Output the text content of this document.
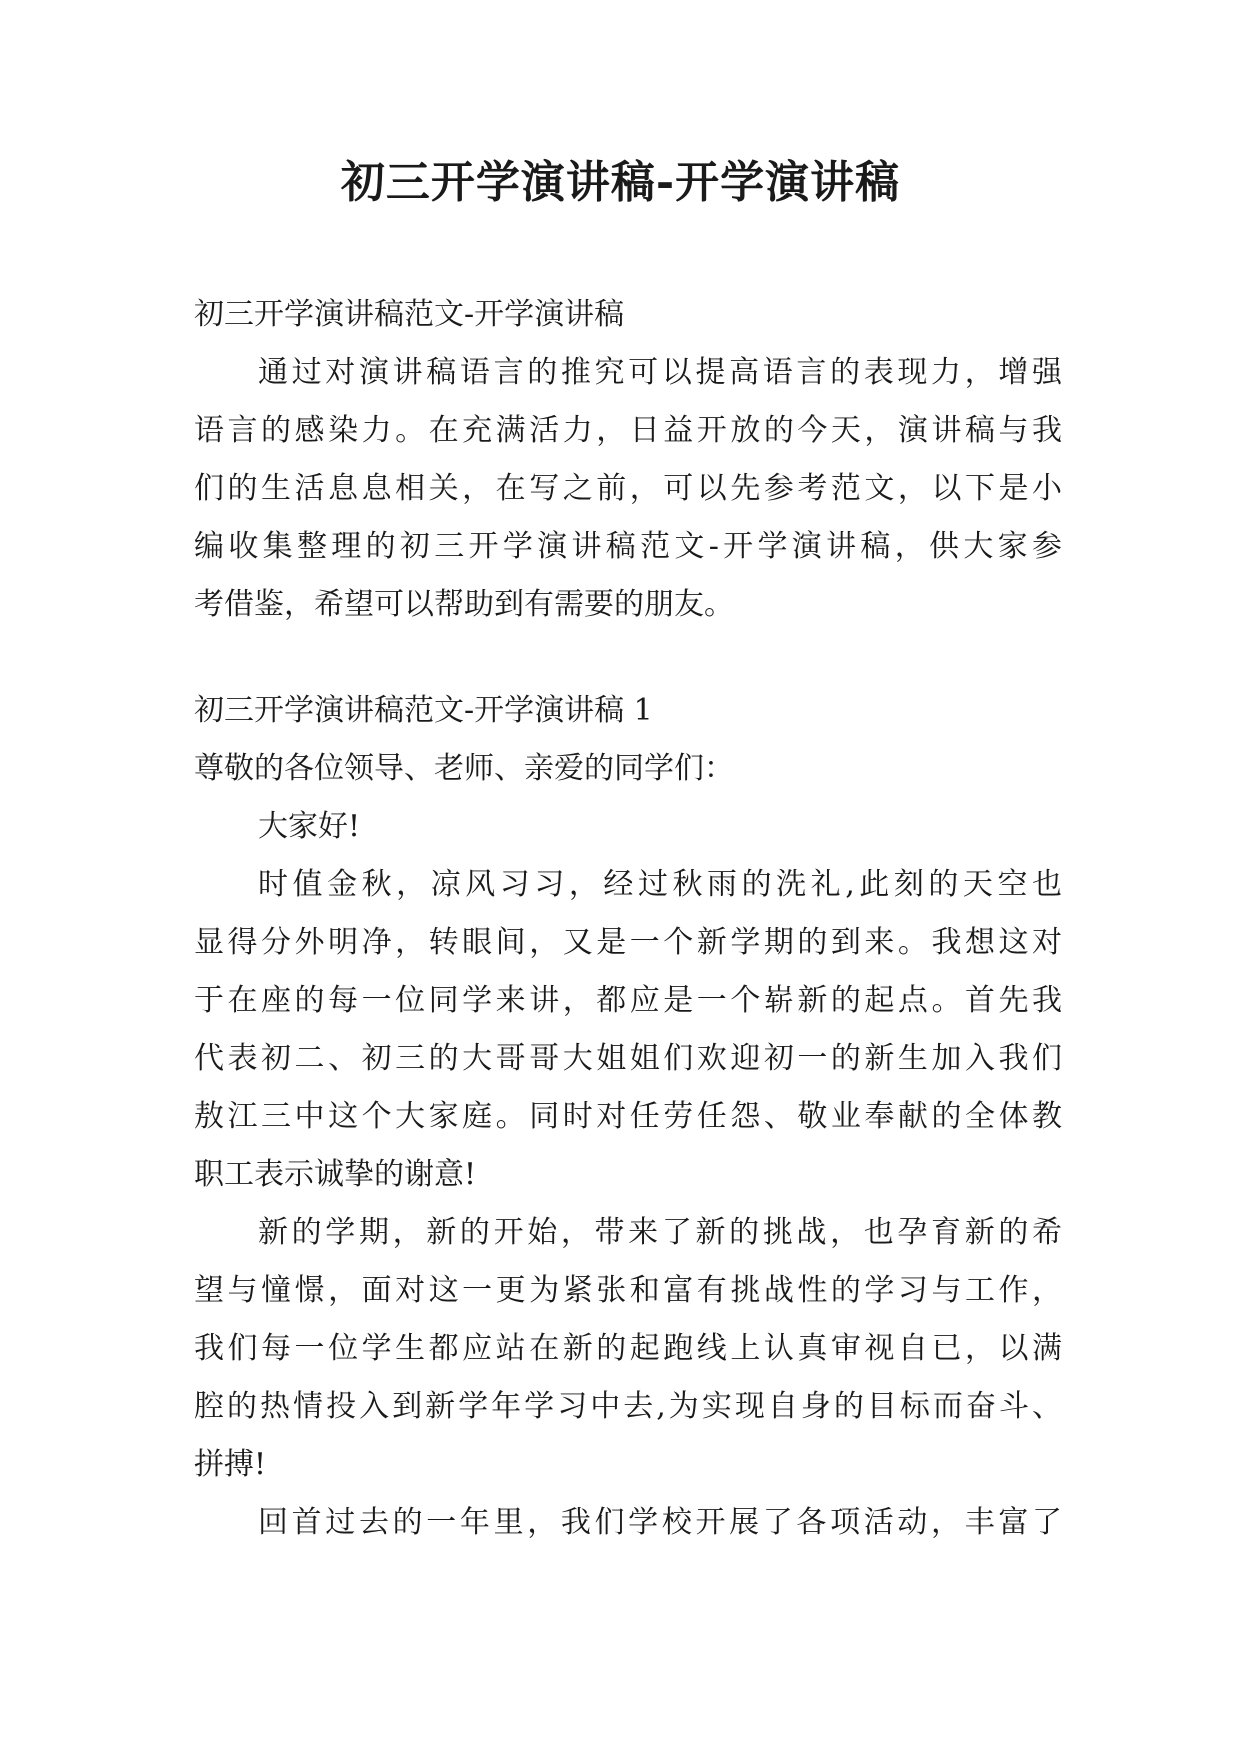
初三开学演讲稿-开学演讲稿
初三开学演讲稿范文-开学演讲稿
通过对演讲稿语言的推究可以提高语言的表现力，增强
语言的感染力。在充满活力，日益开放的今天，演讲稿与我
们的生活息息相关，在写之前，可以先参考范文，以下是小
编收集整理的初三开学演讲稿范文-开学演讲稿，供大家参
考借鉴，希望可以帮助到有需要的朋友。
初三开学演讲稿范文-开学演讲稿 1
尊敬的各位领导、老师、亲爱的同学们：
大家好!
时值金秋，凉风习习，经过秋雨的洗礼,此刻的天空也
显得分外明净，转眼间，又是一个新学期的到来。我想这对
于在座的每一位同学来讲，都应是一个崭新的起点。首先我
代表初二、初三的大哥哥大姐姐们欢迎初一的新生加入我们
敖江三中这个大家庭。同时对任劳任怨、敬业奉献的全体教
职工表示诚挚的谢意!
新的学期，新的开始，带来了新的挑战，也孕育新的希
望与憧憬，面对这一更为紧张和富有挑战性的学习与工作，
我们每一位学生都应站在新的起跑线上认真审视自已，以满
腔的热情投入到新学年学习中去,为实现自身的目标而奋斗、
拼搏!
回首过去的一年里，我们学校开展了各项活动，丰富了
